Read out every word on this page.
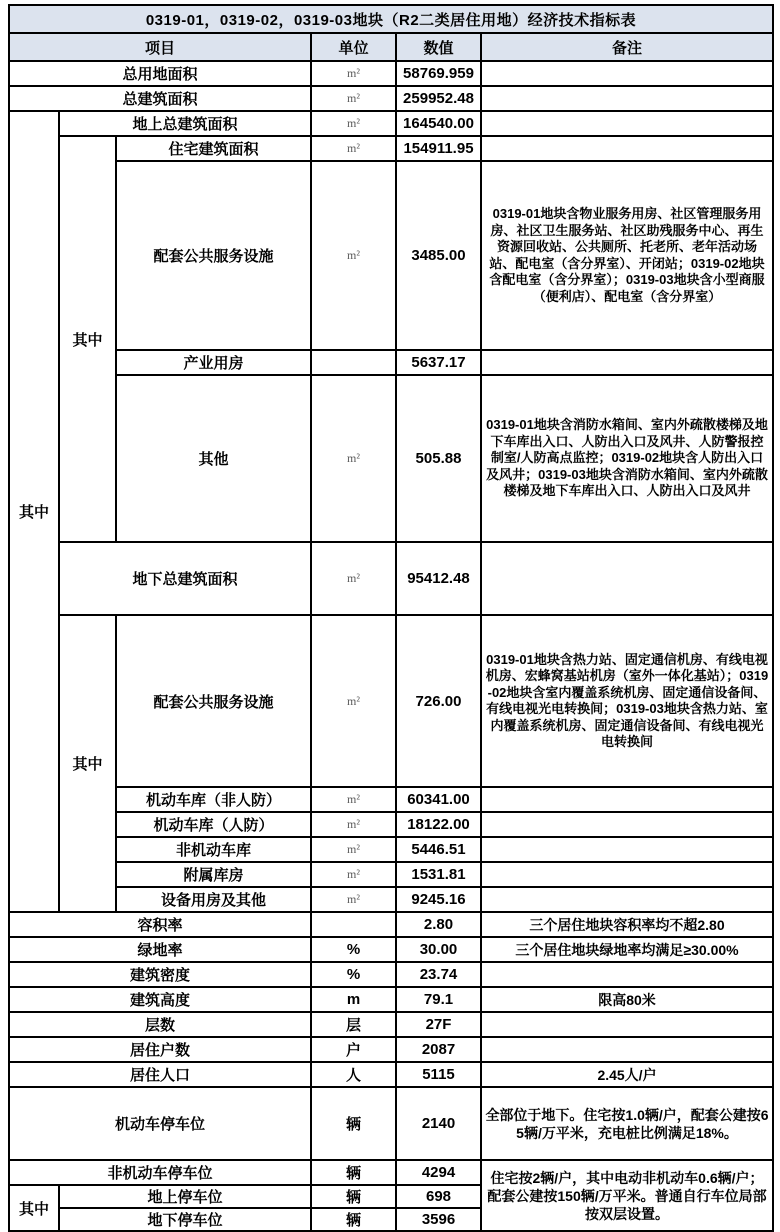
0319-01，0319-02，0319-03地块（R2二类居住用地）经济技术指标表					
项目			单位	数值	备注
总用地面积			m²	58769.959	
总建筑面积			m²	259952.48	
其中	地上总建筑面积		m²	164540.00	
	其中	住宅建筑面积	m²	154911.95	
		配套公共服务设施	m²	3485.00	0319-01地块含物业服务用房、社区管理服务用房、社区卫生服务站、社区助残服务中心、再生资源回收站、公共厕所、托老所、老年活动场站、配电室（含分界室）、开闭站；0319-02地块含配电室（含分界室）；0319-03地块含小型商服（便利店）、配电室（含分界室）
		产业用房		5637.17	
		其他	m²	505.88	0319-01地块含消防水箱间、室内外疏散楼梯及地下车库出入口、人防出入口及风井、人防警报控制室/人防高点监控；0319-02地块含人防出入口及风井；0319-03地块含消防水箱间、室内外疏散楼梯及地下车库出入口、人防出入口及风井
	地下总建筑面积		m²	95412.48	
	其中	配套公共服务设施	m²	726.00	0319-01地块含热力站、固定通信机房、有线电视机房、宏蜂窝基站机房（室外一体化基站）；0319-02地块含室内覆盖系统机房、固定通信设备间、有线电视光电转换间；0319-03地块含热力站、室内覆盖系统机房、固定通信设备间、有线电视光电转换间
		机动车库（非人防）	m²	60341.00	
		机动车库（人防）	m²	18122.00	
		非机动车库	m²	5446.51	
		附属库房	m²	1531.81	
		设备用房及其他	m²	9245.16	
容积率				2.80	三个居住地块容积率均不超2.80
绿地率			%	30.00	三个居住地块绿地率均满足≥30.00%
建筑密度			%	23.74	
建筑高度			m	79.1	限高80米
层数			层	27F	
居住户数			户	2087	
居住人口			人	5115	2.45人/户
机动车停车位			辆	2140	全部位于地下。住宅按1.0辆/户，配套公建按65辆/万平米，充电桩比例满足18%。
非机动车停车位			辆	4294	住宅按2辆/户，其中电动非机动车0.6辆/户；配套公建按150辆/万平米。普通自行车位局部按双层设置。
其中	地上停车位		辆	698	
	地下停车位		辆	3596	
